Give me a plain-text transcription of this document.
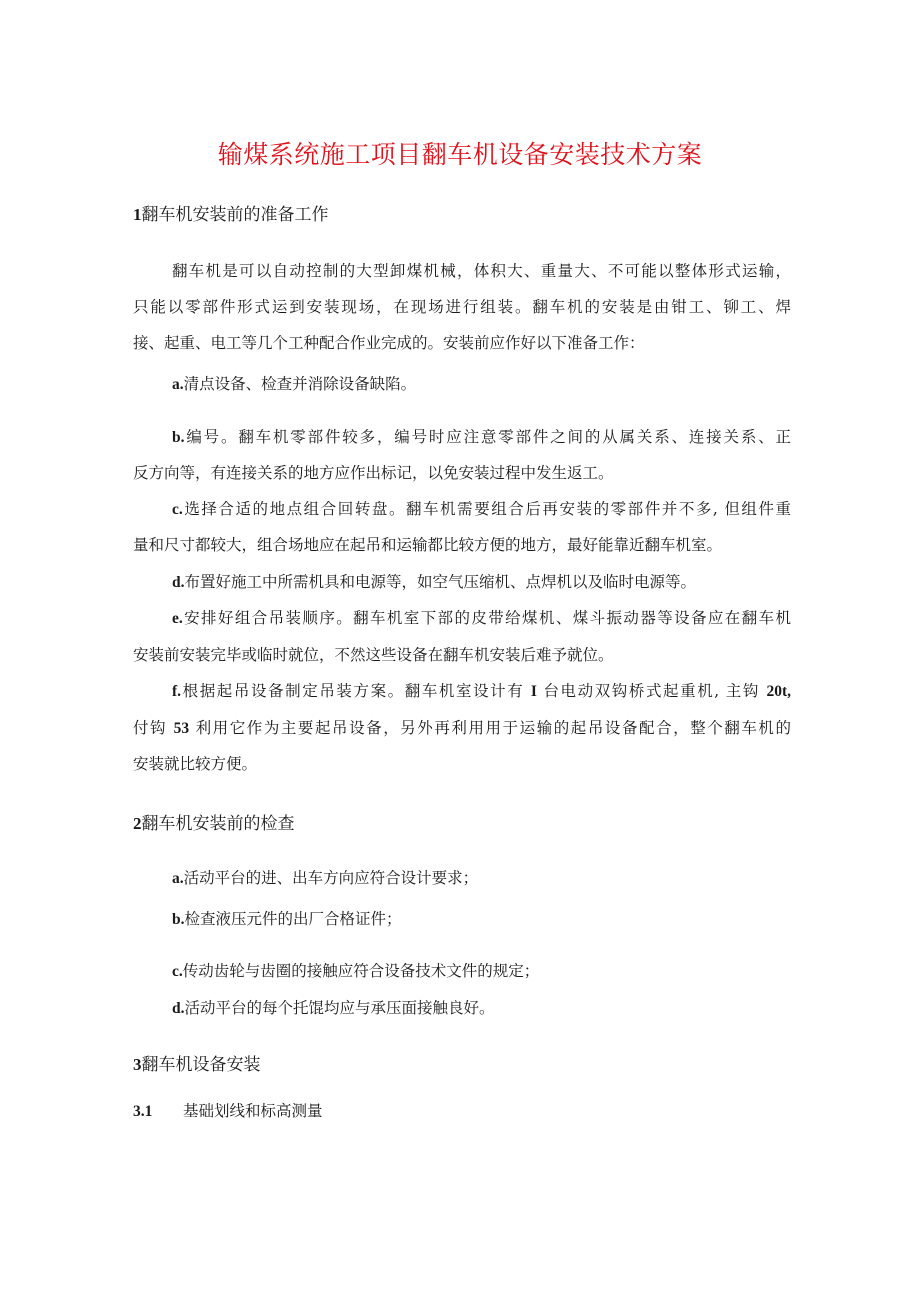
输煤系统施工项目翻车机设备安装技术方案
1翻车机安装前的准备工作
翻车机是可以自动控制的大型卸煤机械，体积大、重量大、不可能以整体形式运输，
只能以零部件形式运到安装现场，在现场进行组装。翻车机的安装是由钳工、铆工、焊
接、起重、电工等几个工种配合作业完成的。安装前应作好以下准备工作：
a.清点设备、检查并消除设备缺陷。
b.编号。翻车机零部件较多，编号时应注意零部件之间的从属关系、连接关系、正
反方向等，有连接关系的地方应作出标记，以免安装过程中发生返工。
c.选择合适的地点组合回转盘。翻车机需要组合后再安装的零部件并不多, 但组件重
量和尺寸都较大，组合场地应在起吊和运输都比较方便的地方，最好能靠近翻车机室。
d.布置好施工中所需机具和电源等，如空气压缩机、点焊机以及临时电源等。
e.安排好组合吊装顺序。翻车机室下部的皮带给煤机、煤斗振动器等设备应在翻车机
安装前安装完毕或临时就位，不然这些设备在翻车机安装后难予就位。
f.根据起吊设备制定吊装方案。翻车机室设计有 I 台电动双钩桥式起重机, 主钩 20t,
付钩 53 利用它作为主要起吊设备，另外再利用用于运输的起吊设备配合，整个翻车机的
安装就比较方便。
2翻车机安装前的检查
a.活动平台的进、出车方向应符合设计要求；
b.检查液压元件的出厂合格证件；
c.传动齿轮与齿圈的接触应符合设备技术文件的规定；
d.活动平台的每个托馄均应与承压面接触良好。
3翻车机设备安装
3.1 基础划线和标高测量
